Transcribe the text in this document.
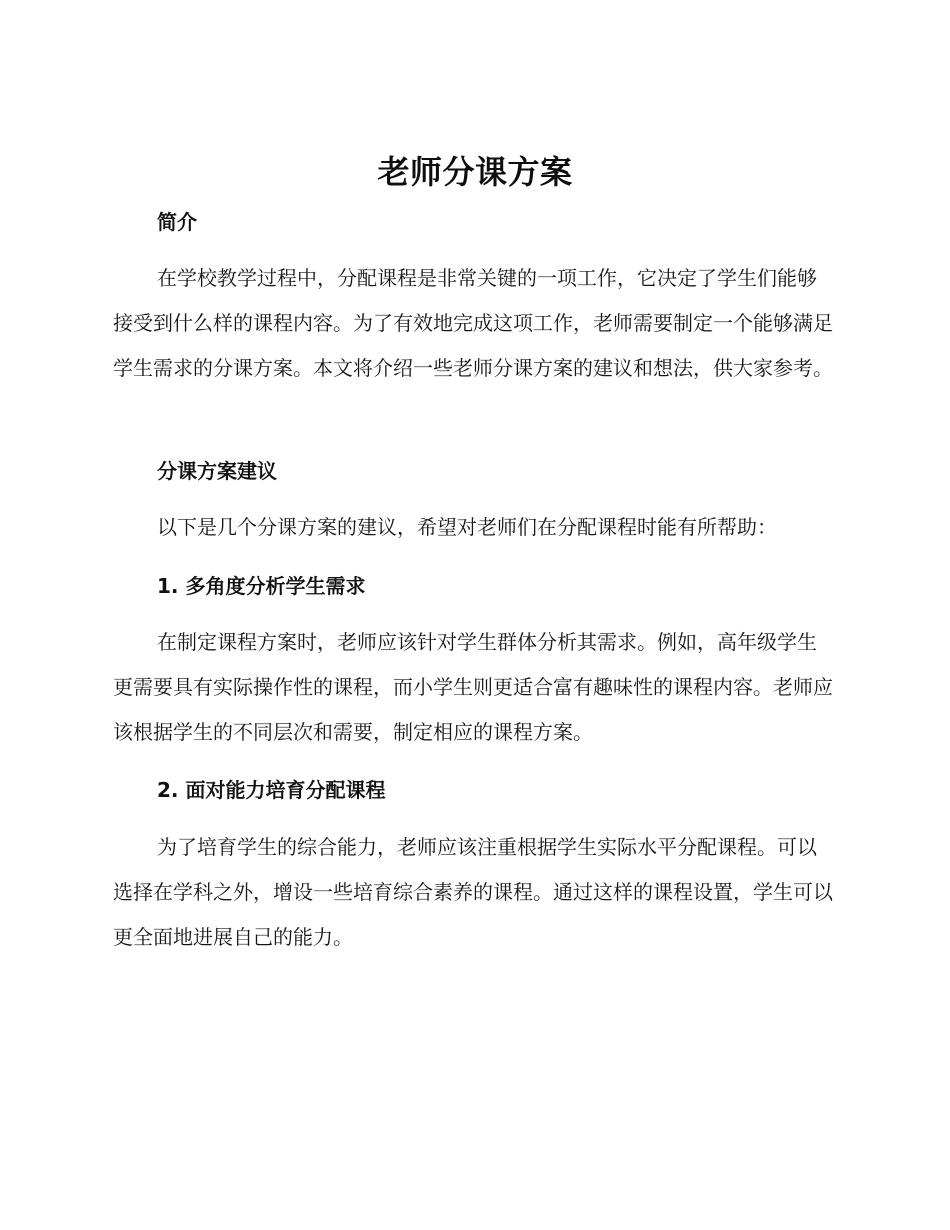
老师分课方案
简介

在学校教学过程中，分配课程是非常关键的一项工作，它决定了学生们能够接受到什么样的课程内容。为了有效地完成这项工作，老师需要制定一个能够满足学生需求的分课方案。本文将介绍一些老师分课方案的建议和想法，供大家参考。

分课方案建议

以下是几个分课方案的建议，希望对老师们在分配课程时能有所帮助：

1. 多角度分析学生需求

在制定课程方案时，老师应该针对学生群体分析其需求。例如，高年级学生更需要具有实际操作性的课程，而小学生则更适合富有趣味性的课程内容。老师应该根据学生的不同层次和需要，制定相应的课程方案。

2. 面对能力培育分配课程

为了培育学生的综合能力，老师应该注重根据学生实际水平分配课程。可以选择在学科之外，增设一些培育综合素养的课程。通过这样的课程设置，学生可以更全面地进展自己的能力。
